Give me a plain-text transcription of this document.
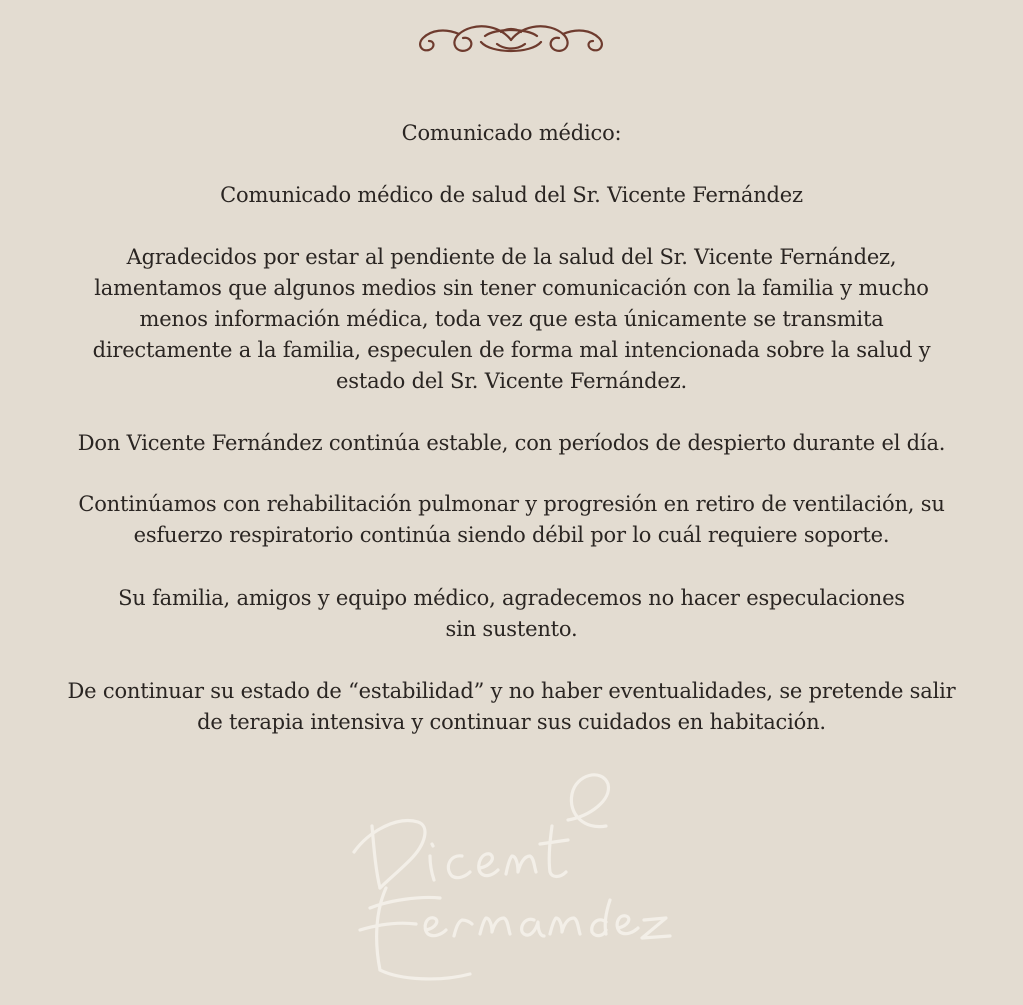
Comunicado médico:
Comunicado médico de salud del Sr. Vicente Fernández
Agradecidos por estar al pendiente de la salud del Sr. Vicente Fernández,
lamentamos que algunos medios sin tener comunicación con la familia y mucho
menos información médica, toda vez que esta únicamente se transmita
directamente a la familia, especulen de forma mal intencionada sobre la salud y
estado del Sr. Vicente Fernández.
Don Vicente Fernández continúa estable, con períodos de despierto durante el día.
Continúamos con rehabilitación pulmonar y progresión en retiro de ventilación, su
esfuerzo respiratorio continúa siendo débil por lo cuál requiere soporte.
Su familia, amigos y equipo médico, agradecemos no hacer especulaciones
sin sustento.
De continuar su estado de “estabilidad” y no haber eventualidades, se pretende salir
de terapia intensiva y continuar sus cuidados en habitación.
